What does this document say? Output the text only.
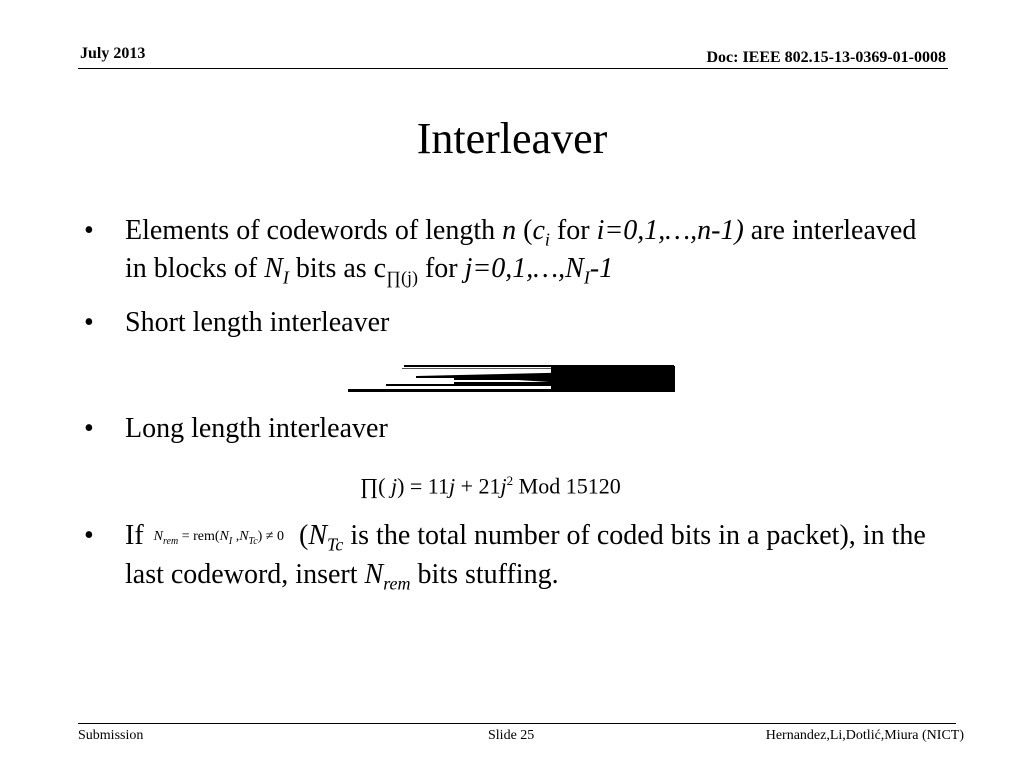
July 2013	Doc: IEEE 802.15-13-0369-01-0008
Interleaver
•	Elements of codewords of length n ($c_i$ for i=0,1,…,n-1) are interleaved in blocks of $N_I$ bits as $c_{\prod(j)}$ for $j=0,1,\dots,N_I-1$
•	Short length interleaver
•	Long length interleaver
•	If $N_{rem} = rem(N_I$ $,N_{Tc}) \ne 0$ ($N_{Tc}$ is the total number of coded bits in a packet), in the last codeword, insert $N_{rem}$ bits stuffing.
∏( $j) = 11j + 21j^2$ Mod 15120
Submission	Slide 25	Hernandez,Li,Dotlić,Miura (NICT)
